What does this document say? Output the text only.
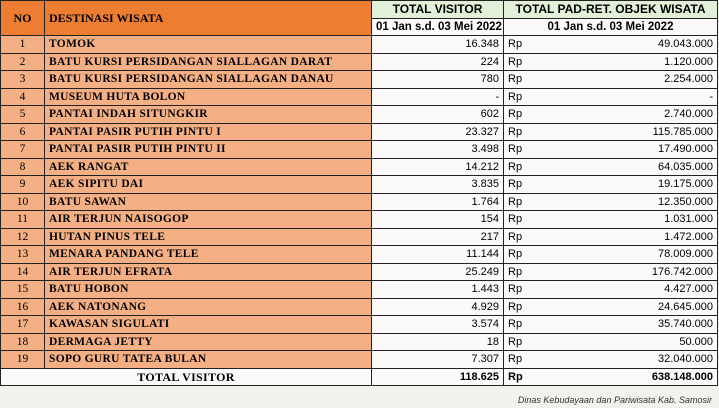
NO	DESTINASI WISATA	TOTAL VISITOR	TOTAL PAD-RET. OBJEK WISATA	
		01 Jan s.d. 03 Mei 2022	01 Jan s.d. 03 Mei 2022	
1	TOMOK	16.348	Rp	49.043.000
2	BATU KURSI PERSIDANGAN SIALLAGAN DARAT	224	Rp	1.120.000
3	BATU KURSI PERSIDANGAN SIALLAGAN DANAU	780	Rp	2.254.000
4	MUSEUM HUTA BOLON	-	Rp	-
5	PANTAI INDAH SITUNGKIR	602	Rp	2.740.000
6	PANTAI PASIR PUTIH PINTU I	23.327	Rp	115.785.000
7	PANTAI PASIR PUTIH PINTU II	3.498	Rp	17.490.000
8	AEK RANGAT	14.212	Rp	64.035.000
9	AEK SIPITU DAI	3.835	Rp	19.175.000
10	BATU SAWAN	1.764	Rp	12.350.000
11	AIR TERJUN NAISOGOP	154	Rp	1.031.000
12	HUTAN PINUS TELE	217	Rp	1.472.000
13	MENARA PANDANG TELE	11.144	Rp	78.009.000
14	AIR TERJUN EFRATA	25.249	Rp	176.742.000
15	BATU HOBON	1.443	Rp	4.427.000
16	AEK NATONANG	4.929	Rp	24.645.000
17	KAWASAN SIGULATI	3.574	Rp	35.740.000
18	DERMAGA JETTY	18	Rp	50.000
19	SOPO GURU TATEA BULAN	7.307	Rp	32.040.000
TOTAL VISITOR		118.625	Rp	638.148.000
Dinas Kebudayaan dan Pariwisata Kab. Samosir
